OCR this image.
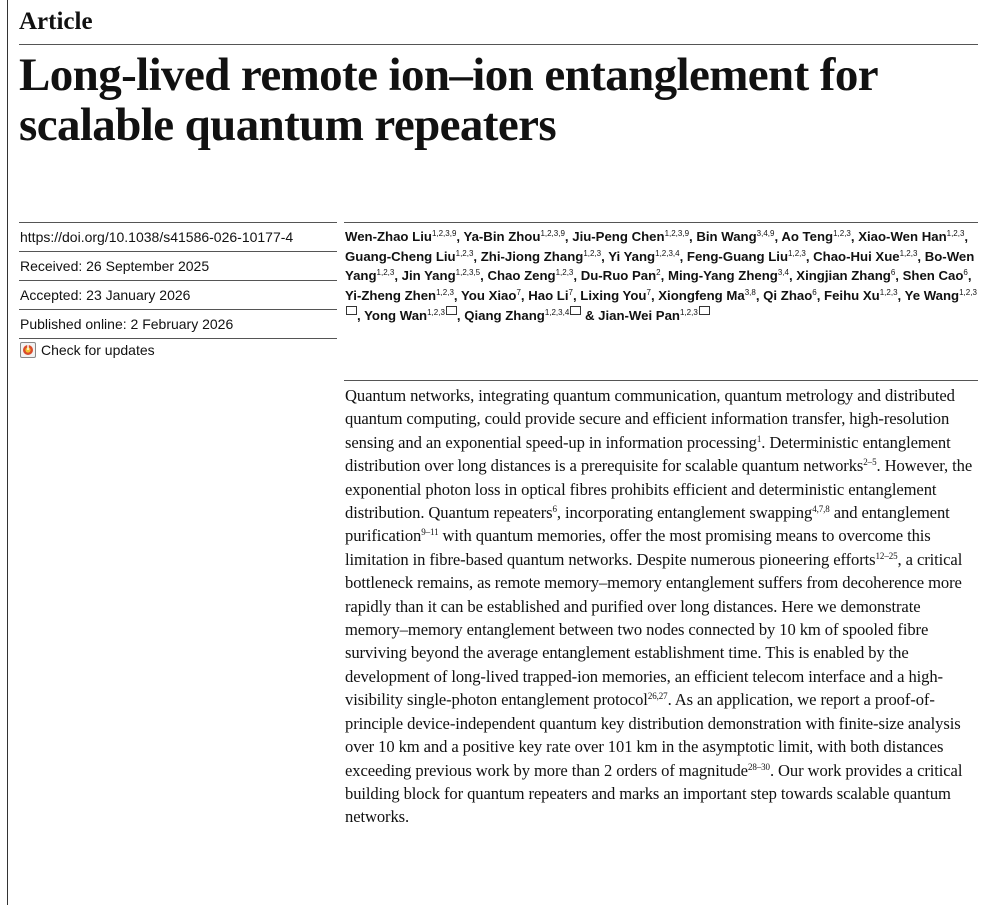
Article
Long-lived remote ion–ion entanglement for scalable quantum repeaters
https://doi.org/10.1038/s41586-026-10177-4
Received: 26 September 2025
Accepted: 23 January 2026
Published online: 2 February 2026
Check for updates

Wen-Zhao Liu$^{1,2,3,9}$, Ya-Bin Zhou$^{1,2,3,9}$, Jiu-Peng Chen$^{1,2,3,9}$, Bin Wang$^{3,4,9}$, Ao Teng$^{1,2,3}$, Xiao-Wen Han$^{1,2,3}$, Guang-Cheng Liu$^{1,2,3}$, Zhi-Jiong Zhang$^{1,2,3}$, Yi Yang$^{1,2,3,4}$, Feng-Guang Liu$^{1,2,3}$, Chao-Hui Xue$^{1,2,3}$, Bo-Wen Yang$^{1,2,3}$, Jin Yang$^{1,2,3,5}$, Chao Zeng$^{1,2,3}$, Du-Ruo Pan$^2$, Ming-Yang Zheng$^{3,4}$, Xingjian Zhang$^6$, Shen Cao$^6$, Yi-Zheng Zhen$^{1,2,3}$, You Xiao$^7$, Hao Li$^7$, Lixing You$^7$, Xiongfeng Ma$^{3,8}$, Qi Zhao$^6$, Feihu Xu$^{1,2,3}$, Ye Wang$^{1,2,3}$, Yong Wan$^{1,2,3}$ , Qiang Zhang$^{1,2,3,4}$ & Jian-Wei Pan$^{1,2,3}$

Quantum networks, integrating quantum communication, quantum metrology and distributed quantum computing, could provide secure and efficient information transfer, high-resolution sensing and an exponential speed-up in information processing$^1$. Deterministic entanglement distribution over long distances is a prerequisite for scalable quantum networks$^{2-5}$. However, the exponential photon loss in optical fibres prohibits efficient and deterministic entanglement distribution. Quantum repeaters$^6$, incorporating entanglement swapping$^{4,7,8}$ and entanglement purification$^{9-11}$ with quantum memories, offer the most promising means to overcome this limitation in fibre-based quantum networks. Despite numerous pioneering efforts$^{12-25}$, a critical bottleneck remains, as remote memory–memory entanglement suffers from decoherence more rapidly than it can be established and purified over long distances. Here we demonstrate memory–memory entanglement between two nodes connected by 10 km of spooled fibre surviving beyond the average entanglement establishment time. This is enabled by the development of long-lived trapped-ion memories, an efficient telecom interface and a high-visibility single-photon entanglement protocol$^{26,27}$. As an application, we report a proof-of-principle device-independent quantum key distribution demonstration with finite-size analysis over 10 km and a positive key rate over 101 km in the asymptotic limit, with both distances exceeding previous work by more than 2 orders of magnitude$^{28-30}$. Our work provides a critical building block for quantum repeaters and marks an important step towards scalable quantum networks.
